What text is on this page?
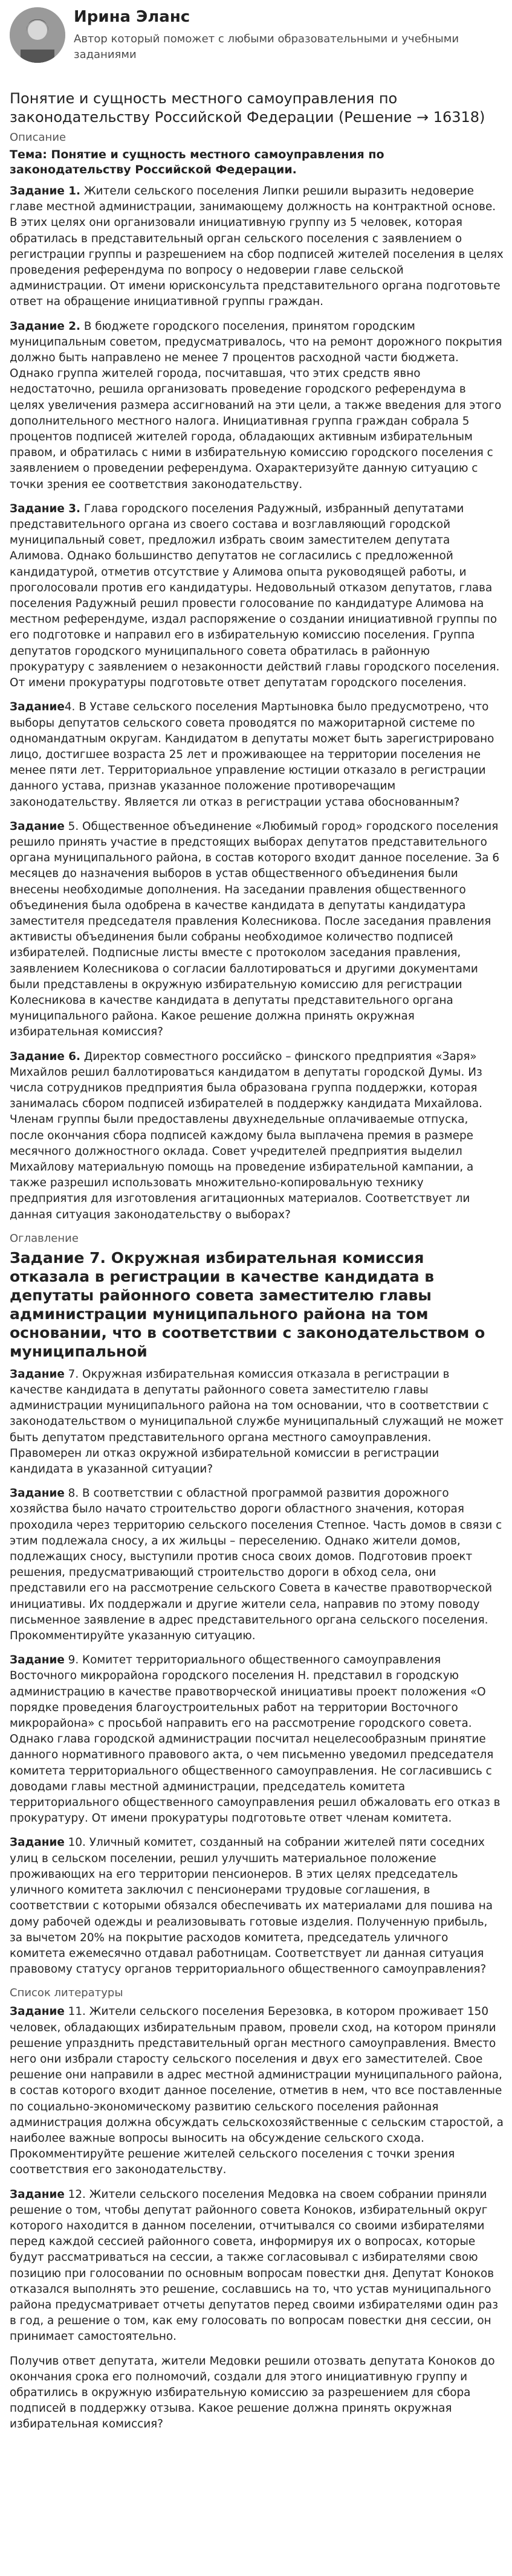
Ирина Эланс
Автор который поможет с любыми образовательными и учебными заданиями
Понятие и сущность местного самоуправления по законодательству Российской Федерации (Решение → 16318)
Описание
Тема: Понятие и сущность местного самоуправления по законодательству Российской Федерации.

Задание 1. Жители сельского поселения Липки решили выразить недоверие главе местной администрации, занимающему должность на контрактной основе. В этих целях они организовали инициативную группу из 5 человек, которая обратилась в представительный орган сельского поселения с заявлением о регистрации группы и разрешением на сбор подписей жителей поселения в целях проведения референдума по вопросу о недоверии главе сельской администрации. От имени юрисконсульта представительного органа подготовьте ответ на обращение инициативной группы граждан.

Задание 2. В бюджете городского поселения, принятом городским муниципальным советом, предусматривалось, что на ремонт дорожного покрытия должно быть направлено не менее 7 процентов расходной части бюджета. Однако группа жителей города, посчитавшая, что этих средств явно недостаточно, решила организовать проведение городского референдума в целях увеличения размера ассигнований на эти цели, а также введения для этого дополнительного местного налога. Инициативная группа граждан собрала 5 процентов подписей жителей города, обладающих активным избирательным правом, и обратилась с ними в избирательную комиссию городского поселения с заявлением о проведении референдума. Охарактеризуйте данную ситуацию с точки зрения ее соответствия законодательству.

Задание 3. Глава городского поселения Радужный, избранный депутатами представительного органа из своего состава и возглавляющий городской муниципальный совет, предложил избрать своим заместителем депутата Алимова. Однако большинство депутатов не согласились с предложенной кандидатурой, отметив отсутствие у Алимова опыта руководящей работы, и проголосовали против его кандидатуры. Недовольный отказом депутатов, глава поселения Радужный решил провести голосование по кандидатуре Алимова на местном референдуме, издал распоряжение о создании инициативной группы по его подготовке и направил его в избирательную комиссию поселения. Группа депутатов городского муниципального совета обратилась в районную прокуратуру с заявлением о незаконности действий главы городского поселения. От имени прокуратуры подготовьте ответ депутатам городского поселения.

Задание4. В Уставе сельского поселения Мартыновка было предусмотрено, что выборы депутатов сельского совета проводятся по мажоритарной системе по одномандатным округам. Кандидатом в депутаты может быть зарегистрировано лицо, достигшее возраста 25 лет и проживающее на территории поселения не менее пяти лет. Территориальное управление юстиции отказало в регистрации данного устава, признав указанное положение противоречащим законодательству. Является ли отказ в регистрации устава обоснованным?

Задание 5. Общественное объединение «Любимый город» городского поселения решило принять участие в предстоящих выборах депутатов представительного органа муниципального района, в состав которого входит данное поселение. За 6 месяцев до назначения выборов в устав общественного объединения были внесены необходимые дополнения. На заседании правления общественного объединения была одобрена в качестве кандидата в депутаты кандидатура заместителя председателя правления Колесникова. После заседания правления активисты объединения были собраны необходимое количество подписей избирателей. Подписные листы вместе с протоколом заседания правления, заявлением Колесникова о согласии баллотироваться и другими документами были представлены в окружную избирательную комиссию для регистрации Колесникова в качестве кандидата в депутаты представительного органа муниципального района. Какое решение должна принять окружная избирательная комиссия?

Задание 6. Директор совместного российско – финского предприятия «Заря» Михайлов решил баллотироваться кандидатом в депутаты городской Думы. Из числа сотрудников предприятия была образована группа поддержки, которая занималась сбором подписей избирателей в поддержку кандидата Михайлова. Членам группы были предоставлены двухнедельные оплачиваемые отпуска, после окончания сбора подписей каждому была выплачена премия в размере месячного должностного оклада. Совет учредителей предприятия выделил Михайлову материальную помощь на проведение избирательной кампании, а также разрешил использовать множительно-копировальную технику предприятия для изготовления агитационных материалов. Соответствует ли данная ситуация законодательству о выборах?

Оглавление
Задание 7. Окружная избирательная комиссия отказала в регистрации в качестве кандидата в депутаты районного совета заместителю главы администрации муниципального района на том основании, что в соответствии с законодательством о муниципальной

Задание 7. Окружная избирательная комиссия отказала в регистрации в качестве кандидата в депутаты районного совета заместителю главы администрации муниципального района на том основании, что в соответствии с законодательством о муниципальной службе муниципальный служащий не может быть депутатом представительного органа местного самоуправления. Правомерен ли отказ окружной избирательной комиссии в регистрации кандидата в указанной ситуации?

Задание 8. В соответствии с областной программой развития дорожного хозяйства было начато строительство дороги областного значения, которая проходила через территорию сельского поселения Степное. Часть домов в связи с этим подлежала сносу, а их жильцы – переселению. Однако жители домов, подлежащих сносу, выступили против сноса своих домов. Подготовив проект решения, предусматривающий строительство дороги в обход села, они представили его на рассмотрение сельского Совета в качестве правотворческой инициативы. Их поддержали и другие жители села, направив по этому поводу письменное заявление в адрес представительного органа сельского поселения. Прокомментируйте указанную ситуацию.

Задание 9. Комитет территориального общественного самоуправления Восточного микрорайона городского поселения Н. представил в городскую администрацию в качестве правотворческой инициативы проект положения «О порядке проведения благоустроительных работ на территории Восточного микрорайона» с просьбой направить его на рассмотрение городского совета. Однако глава городской администрации посчитал нецелесообразным принятие данного нормативного правового акта, о чем письменно уведомил председателя комитета территориального общественного самоуправления. Не согласившись с доводами главы местной администрации, председатель комитета территориального общественного самоуправления решил обжаловать его отказ в прокуратуру. От имени прокуратуры подготовьте ответ членам комитета.

Задание 10. Уличный комитет, созданный на собрании жителей пяти соседних улиц в сельском поселении, решил улучшить материальное положение проживающих на его территории пенсионеров. В этих целях председатель уличного комитета заключил с пенсионерами трудовые соглашения, в соответствии с которыми обязался обеспечивать их материалами для пошива на дому рабочей одежды и реализовывать готовые изделия. Полученную прибыль, за вычетом 20% на покрытие расходов комитета, председатель уличного комитета ежемесячно отдавал работницам. Соответствует ли данная ситуация правовому статусу органов территориального общественного самоуправления?

Список литературы

Задание 11. Жители сельского поселения Березовка, в котором проживает 150 человек, обладающих избирательным правом, провели сход, на котором приняли решение упразднить представительный орган местного самоуправления. Вместо него они избрали старосту сельского поселения и двух его заместителей. Свое решение они направили в адрес местной администрации муниципального района, в состав которого входит данное поселение, отметив в нем, что все поставленные по социально-экономическому развитию сельского поселения районная администрация должна обсуждать сельскохозяйственные с сельским старостой, а наиболее важные вопросы выносить на обсуждение сельского схода. Прокомментируйте решение жителей сельского поселения с точки зрения соответствия его законодательству.

Задание 12. Жители сельского поселения Медовка на своем собрании приняли решение о том, чтобы депутат районного совета Коноков, избирательный округ которого находится в данном поселении, отчитывался со своими избирателями перед каждой сессией районного совета, информируя их о вопросах, которые будут рассматриваться на сессии, а также согласовывал с избирателями свою позицию при голосовании по основным вопросам повестки дня. Депутат Коноков отказался выполнять это решение, сославшись на то, что устав муниципального района предусматривает отчеты депутатов перед своими избирателями один раз в год, а решение о том, как ему голосовать по вопросам повестки дня сессии, он принимает самостоятельно.

Получив ответ депутата, жители Медовки решили отозвать депутата Коноков до окончания срока его полномочий, создали для этого инициативную группу и обратились в окружную избирательную комиссию за разрешением для сбора подписей в поддержку отзыва. Какое решение должна принять окружная избирательная комиссия?
